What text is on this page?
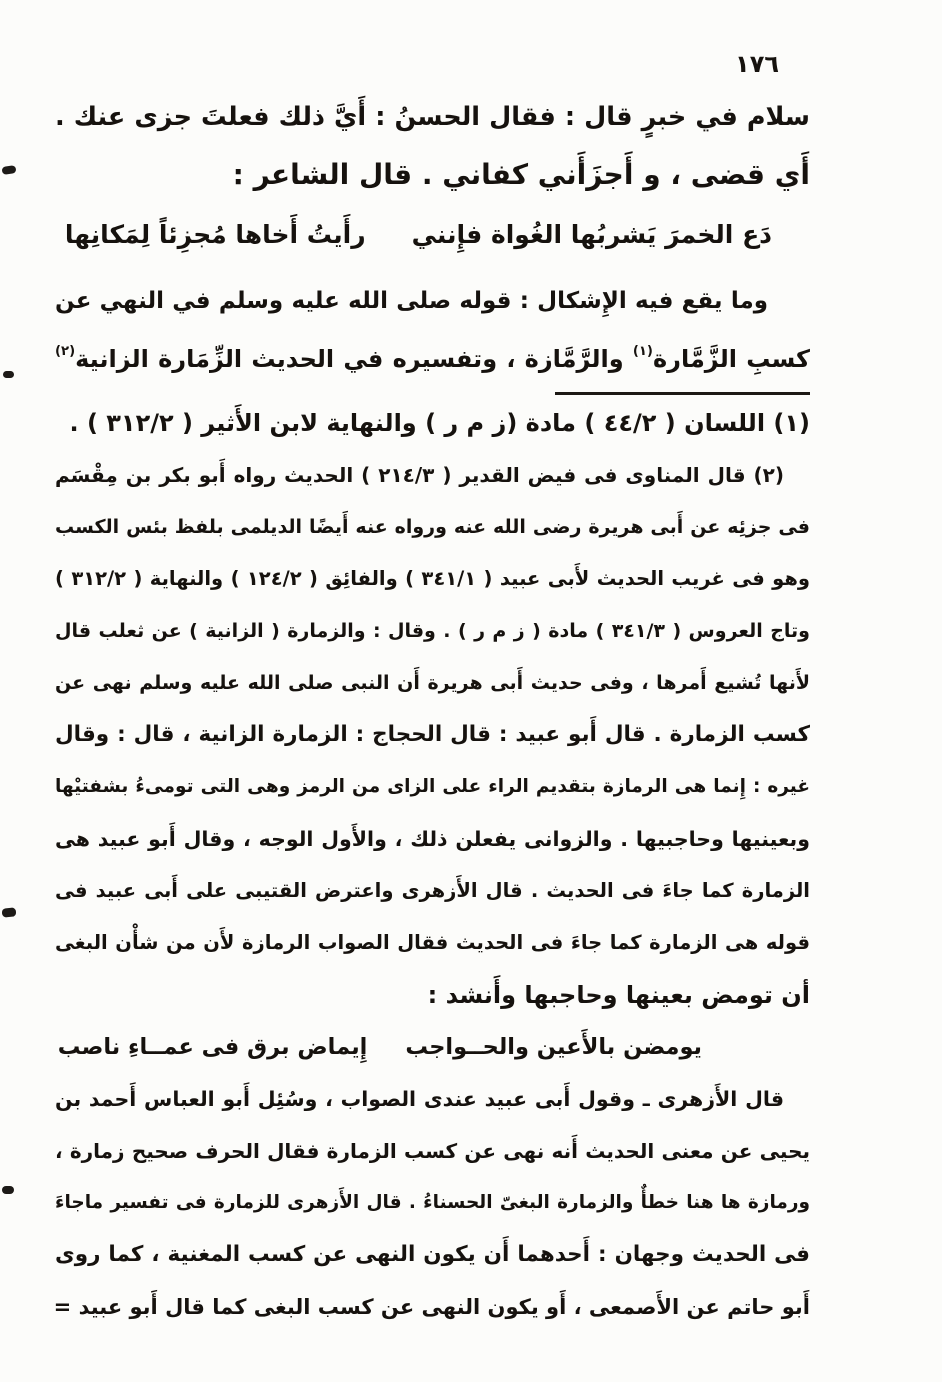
١٧٦
سلام في خبرٍ قال : فقال الحسنُ : أَيَّ ذلك فعلتَ جزى عنك .
أَي قضى ، و أَجزَأَني كفاني . قال الشاعر :
دَع الخمرَ يَشربُها الغُواة فإِنني
رأَيتُ أَخاها مُجزِئاً لِمَكانِها
وما يقع فيه الإِشكال : قوله صلى الله عليه وسلم في النهي عن
كسبِ الزَّمَّارة$^{(١)}$ والرَّمَّازة ، وتفسيره في الحديث الزِّمَارة الزانية$^{(٢)}$
(١) اللسان ( ٤٤/٢ ) مادة (ز م ر ) والنهاية لابن الأَثير ( ٣١٢/٢ ) .
(٢) قال المناوى فى فيض القدير ( ٢١٤/٣ ) الحديث رواه أَبو بكر بن مِقْسَم
فى جزئِه عن أَبى هريرة رضى الله عنه ورواه عنه أَيضًا الديلمى بلفظ بئس الكسب
وهو فى غريب الحديث لأَبى عبيد ( ٣٤١/١ ) والفائِق ( ١٢٤/٢ ) والنهاية ( ٣١٢/٢ )
وتاج العروس ( ٣٤١/٣ ) مادة ( ز م ر ) . وقال : والزمارة ( الزانية ) عن ثعلب قال
لأَنها تُشيع أَمرها ، وفى حديث أَبى هريرة أَن النبى صلى الله عليه وسلم نهى عن
كسب الزمارة . قال أَبو عبيد : قال الحجاج : الزمارة الزانية ، قال : وقال
غيره : إِنما هى الرمازة بتقديم الراء على الزاى من الرمز وهى التى تومىءُ بشفتيْها
وبعينيها وحاجبيها . والزوانى يفعلن ذلك ، والأَول الوجه ، وقال أَبو عبيد هى
الزمارة كما جاءَ فى الحديث . قال الأَزهرى واعترض القتيبى على أَبى عبيد فى
قوله هى الزمارة كما جاءَ فى الحديث فقال الصواب الرمازة لأَن من شأْن البغى
أن تومض بعينها وحاجبها وأَنشد :
يومضن بالأَعين والحــواجب
إِيماض برق فى عمــاءِ ناصب
قال الأَزهرى ـ وقول أَبى عبيد عندى الصواب ، وسُئِل أَبو العباس أَحمد بن
يحيى عن معنى الحديث أَنه نهى عن كسب الزمارة فقال الحرف صحيح زمارة ،
ورمازة ها هنا خطأٌ والزمارة البغىّ الحسناءُ . قال الأَزهرى للزمارة فى تفسير ماجاءَ
فى الحديث وجهان : أَحدهما أَن يكون النهى عن كسب المغنية ، كما روى
أَبو حاتم عن الأَصمعى ، أَو يكون النهى عن كسب البغى كما قال أَبو عبيد =
